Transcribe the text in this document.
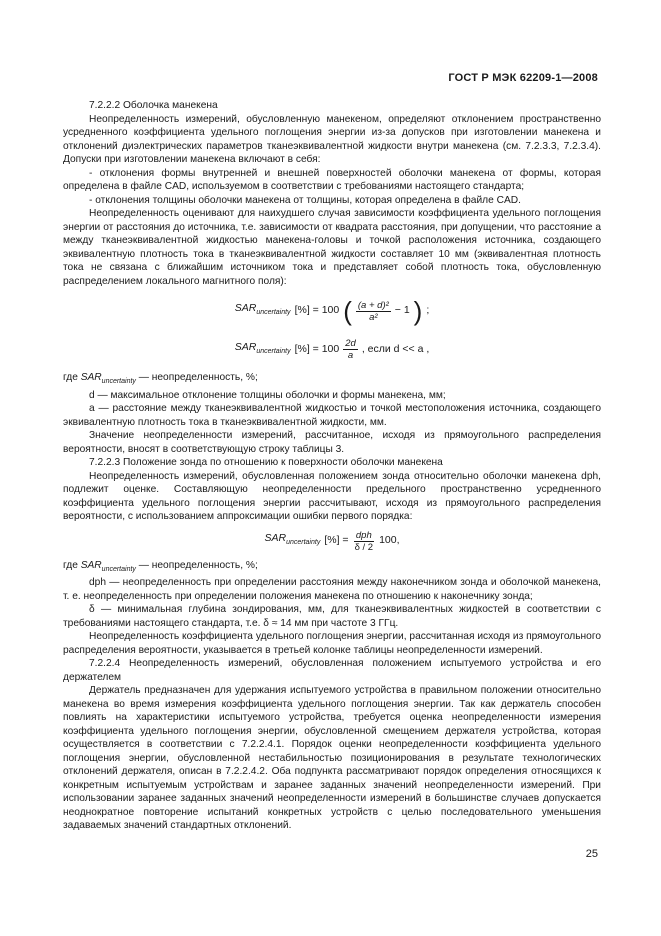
ГОСТ Р МЭК 62209-1—2008

7.2.2.2 Оболочка манекена

Неопределенность измерений, обусловленную манекеном, определяют отклонением пространственно усредненного коэффициента удельного поглощения энергии из-за допусков при изготовлении манекена и отклонений диэлектрических параметров тканеэквивалентной жидкости внутри манекена (см. 7.2.3.3, 7.2.3.4). Допуски при изготовлении манекена включают в себя:

- отклонения формы внутренней и внешней поверхностей оболочки манекена от формы, которая определена в файле CAD, используемом в соответствии с требованиями настоящего стандарта;

- отклонения толщины оболочки манекена от толщины, которая определена в файле CAD.

Неопределенность оценивают для наихудшего случая зависимости коэффициента удельного поглощения энергии от расстояния до источника, т.е. зависимости от квадрата расстояния, при допущении, что расстояние a между тканеэквивалентной жидкостью манекена-головы и точкой расположения источника, создающего эквивалентную плотность тока в тканеэквивалентной жидкости составляет 10 мм (эквивалентная плотность тока не связана с ближайшим источником тока и представляет собой плотность тока, обусловленную распределением локального магнитного поля):

$SAR_{uncertainty}$ [%] = 100 ( $\frac{\text{(a + d)²}}{\text{a²}} - 1$ ) ;
$SAR_{uncertainty}$ [%] = $100 \frac{2d}{a}$ , если d << a ,

где $SAR_{uncertainty}$ — неопределенность, %;

d — максимальное отклонение толщины оболочки и формы манекена, мм;

a — расстояние между тканеэквивалентной жидкостью и точкой местоположения источника, создающего эквивалентную плотность тока в тканеэквивалентной жидкости, мм.

Значение неопределенности измерений, рассчитанное, исходя из прямоугольного распределения вероятности, вносят в соответствующую строку таблицы 3.

7.2.2.3 Положение зонда по отношению к поверхности оболочки манекена

Неопределенность измерений, обусловленная положением зонда относительно оболочки манекена dph, подлежит оценке. Составляющую неопределенности предельного пространственно усредненного коэффициента удельного поглощения энергии рассчитывают, исходя из прямоугольного распределения вероятности, с использованием аппроксимации ошибки первого порядка:

$SAR_{uncertainty}$ [%] = $\frac{\text{dph}}{\delta / 2} 100$,

где $SAR_{uncertainty}$ — неопределенность, %;

dph — неопределенность при определении расстояния между наконечником зонда и оболочкой манекена, т. е. неопределенность при определении положения манекена по отношению к наконечнику зонда;

δ — минимальная глубина зондирования, мм, для тканеэквивалентных жидкостей в соответствии с требованиями настоящего стандарта, т.е. δ ≈ 14 мм при частоте 3 ГГц.

Неопределенность коэффициента удельного поглощения энергии, рассчитанная исходя из прямоугольного распределения вероятности, указывается в третьей колонке таблицы неопределенности измерений.

7.2.2.4 Неопределенность измерений, обусловленная положением испытуемого устройства и его держателем

Держатель предназначен для удержания испытуемого устройства в правильном положении относительно манекена во время измерения коэффициента удельного поглощения энергии. Так как держатель способен повлиять на характеристики испытуемого устройства, требуется оценка неопределенности измерения коэффициента удельного поглощения энергии, обусловленной смещением держателя устройства, которая осуществляется в соответствии с 7.2.2.4.1. Порядок оценки неопределенности коэффициента удельного поглощения энергии, обусловленной нестабильностью позиционирования в результате технологических отклонений держателя, описан в 7.2.2.4.2. Оба подпункта рассматривают порядок определения относящихся к конкретным испытуемым устройствам и заранее заданных значений неопределенности измерений. При использовании заранее заданных значений неопределенности измерений в большинстве случаев допускается неоднократное повторение испытаний конкретных устройств с целью последовательного уменьшения задаваемых значений стандартных отклонений.

25
